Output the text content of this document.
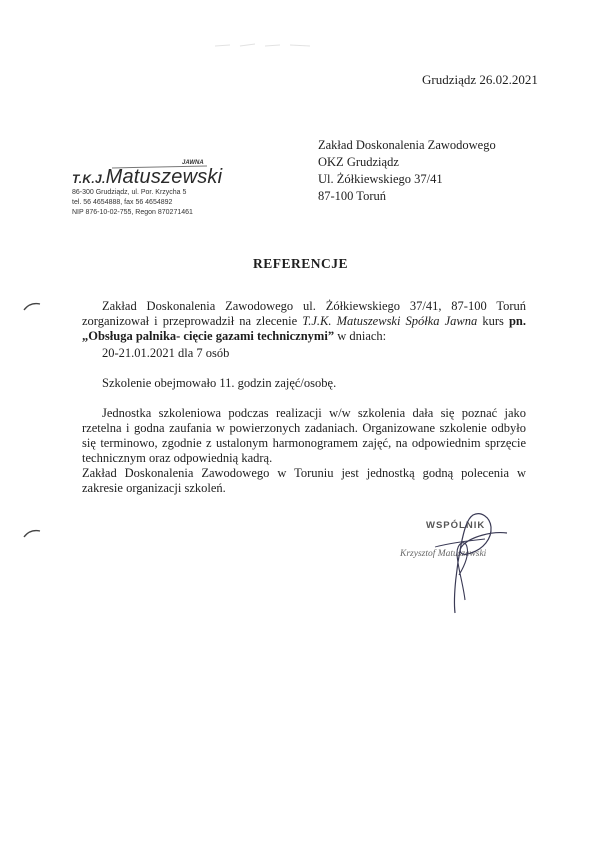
Grudziądz 26.02.2021
Zakład Doskonalenia Zawodowego
OKZ Grudziądz
Ul. Żółkiewskiego 37/41
87-100 Toruń
JAWNA
T.K.J.Matuszewski
86-300 Grudziądz, ul. Por. Krzycha 5
tel. 56 4654888, fax 56 4654892
NIP 876-10-02-755, Regon 870271461
REFERENCJE
Zakład Doskonalenia Zawodowego ul. Żółkiewskiego 37/41, 87-100 Toruń zorganizował i przeprowadził na zlecenie T.J.K. Matuszewski Spółka Jawna kurs pn. „Obsługa palnika- cięcie gazami technicznymi” w dniach:
20-21.01.2021 dla 7 osób
Szkolenie obejmowało 11. godzin zajęć/osobę.
Jednostka szkoleniowa podczas realizacji w/w szkolenia dała się poznać jako rzetelna i godna zaufania w powierzonych zadaniach. Organizowane szkolenie odbyło się terminowo, zgodnie z ustalonym harmonogramem zajęć, na odpowiednim sprzęcie technicznym oraz odpowiednią kadrą.
Zakład Doskonalenia Zawodowego w Toruniu jest jednostką godną polecenia w zakresie organizacji szkoleń.
WSPÓLNIK
Krzysztof Matuszewski
